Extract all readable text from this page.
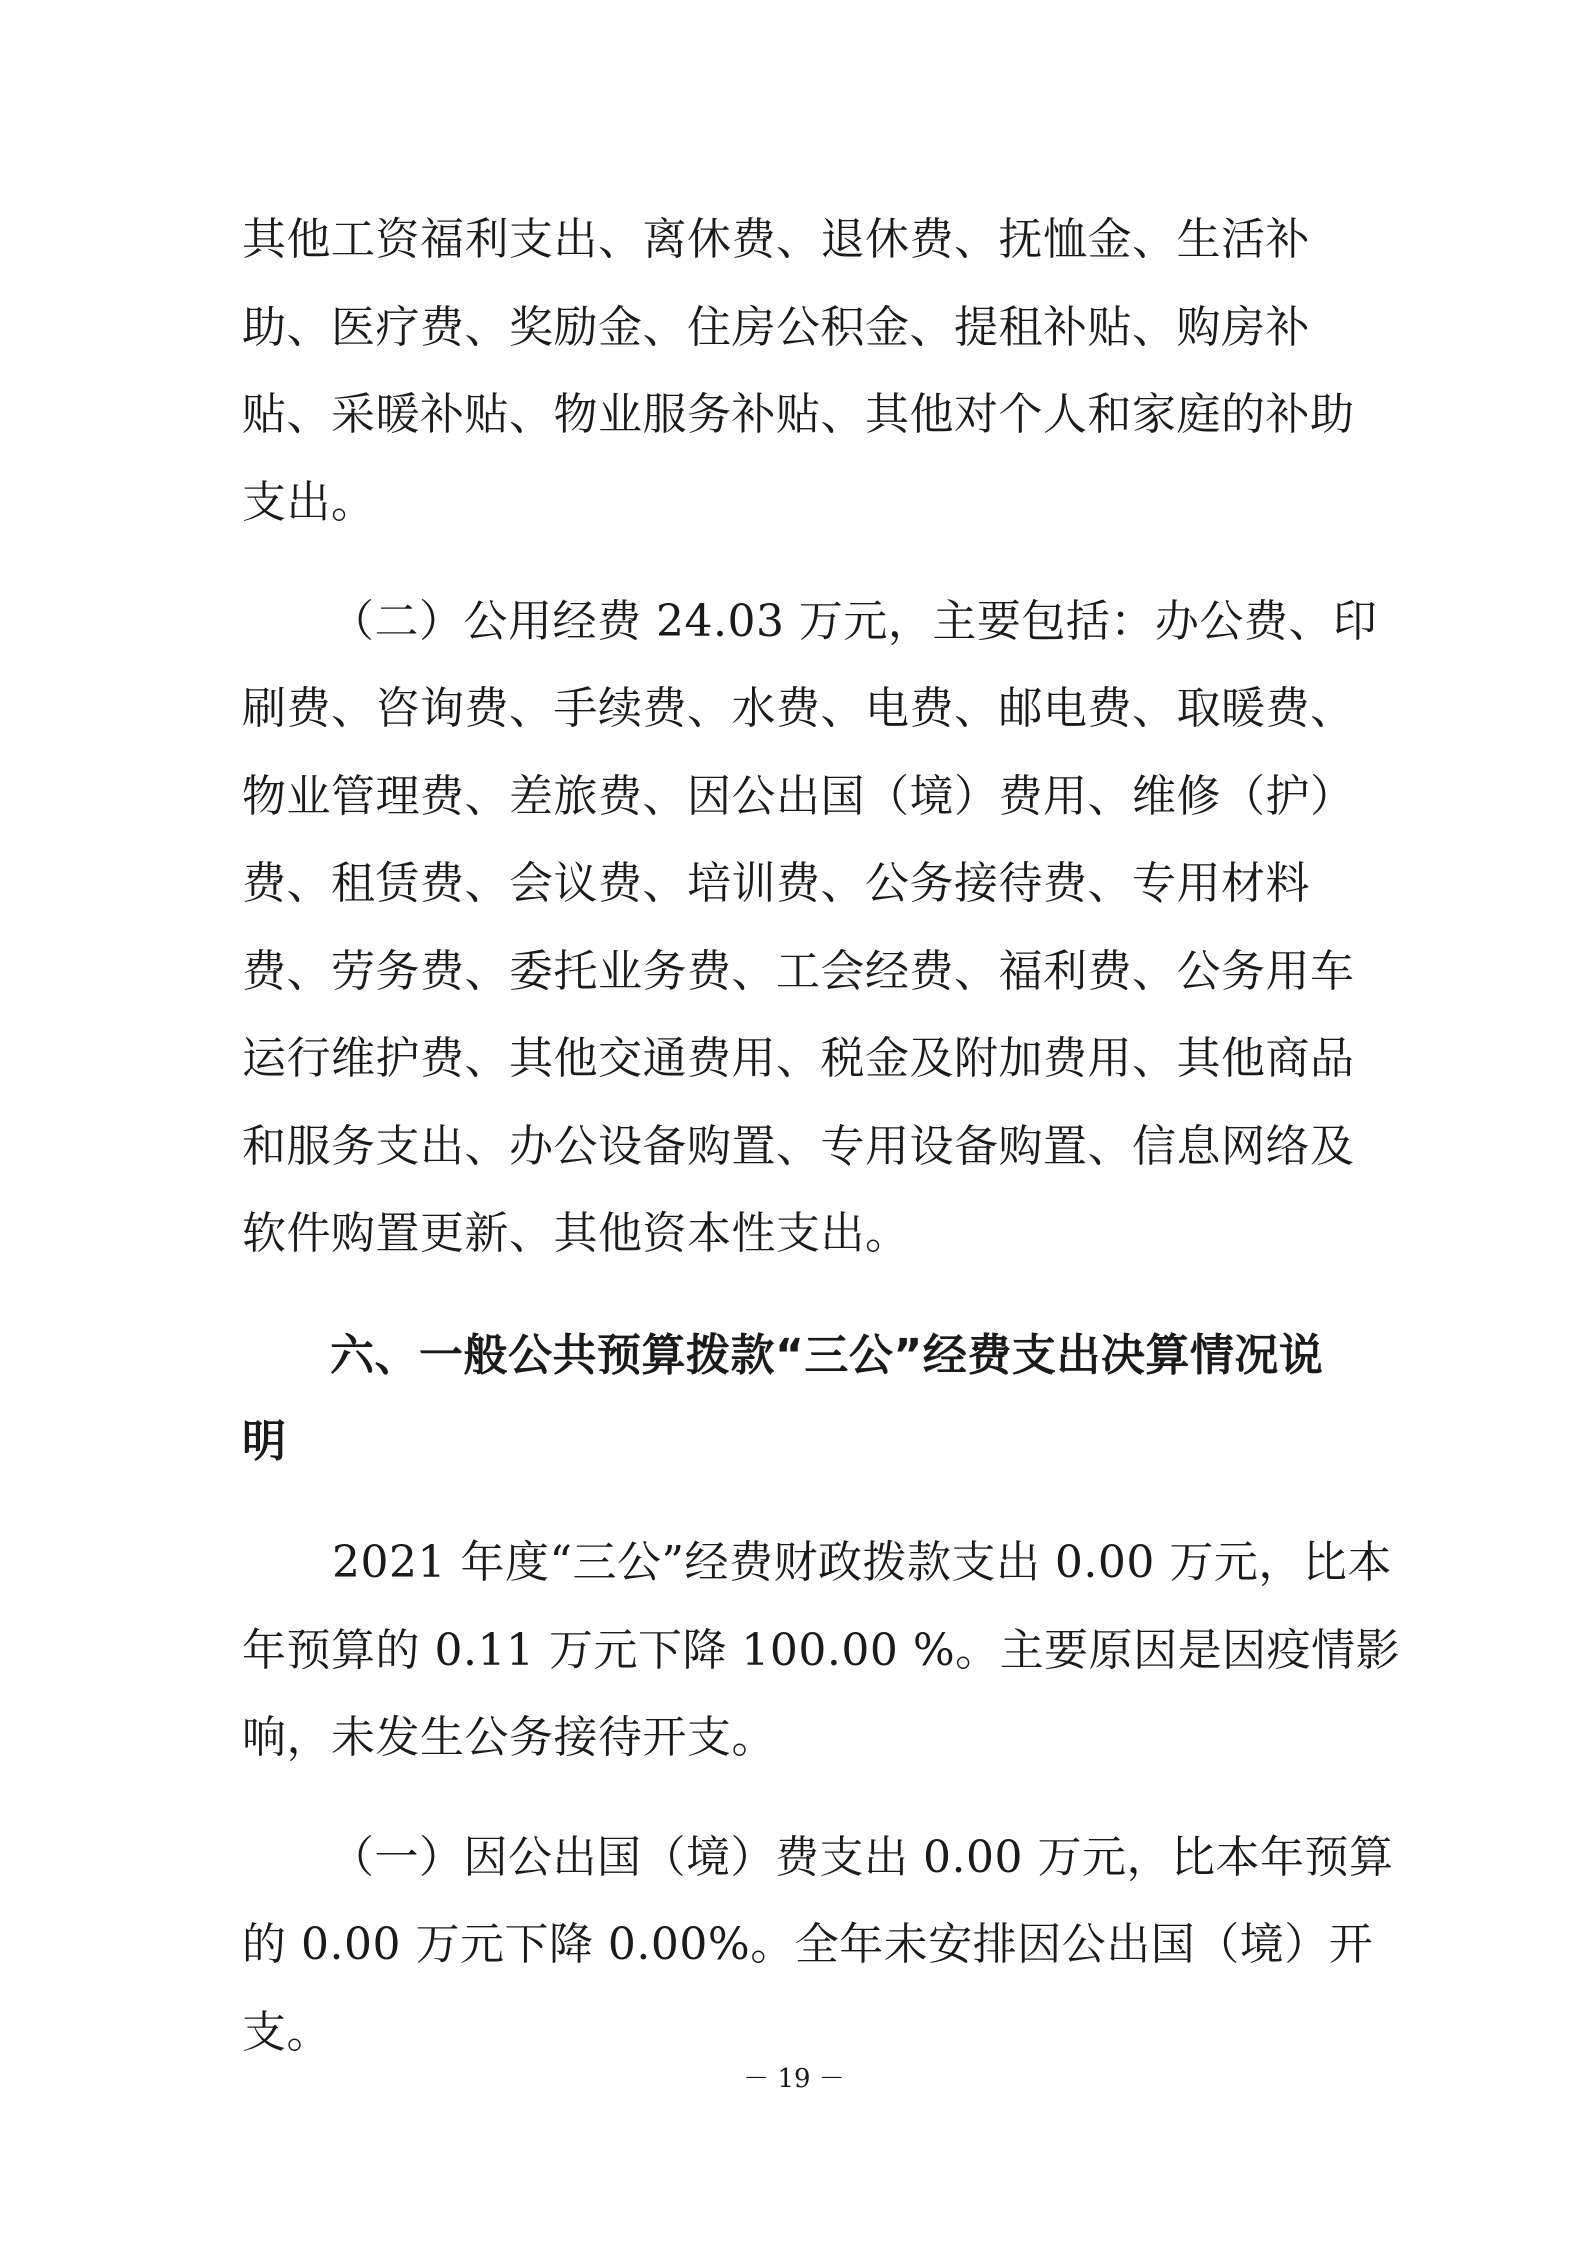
其他工资福利支出、离休费、退休费、抚恤金、生活补
助、医疗费、奖励金、住房公积金、提租补贴、购房补
贴、采暖补贴、物业服务补贴、其他对个人和家庭的补助
支出。
（二）公用经费 24.03 万元，主要包括：办公费、印
刷费、咨询费、手续费、水费、电费、邮电费、取暖费、
物业管理费、差旅费、因公出国（境）费用、维修（护）
费、租赁费、会议费、培训费、公务接待费、专用材料
费、劳务费、委托业务费、工会经费、福利费、公务用车
运行维护费、其他交通费用、税金及附加费用、其他商品
和服务支出、办公设备购置、专用设备购置、信息网络及
软件购置更新、其他资本性支出。
六、一般公共预算拨款“三公”经费支出决算情况说
明
2021 年度“三公”经费财政拨款支出 0.00 万元，比本
年预算的 0.11 万元下降 100.00 %。主要原因是因疫情影
响，未发生公务接待开支。
（一）因公出国（境）费支出 0.00 万元，比本年预算
的 0.00 万元下降 0.00%。全年未安排因公出国（境）开
支。
－ 19 －
